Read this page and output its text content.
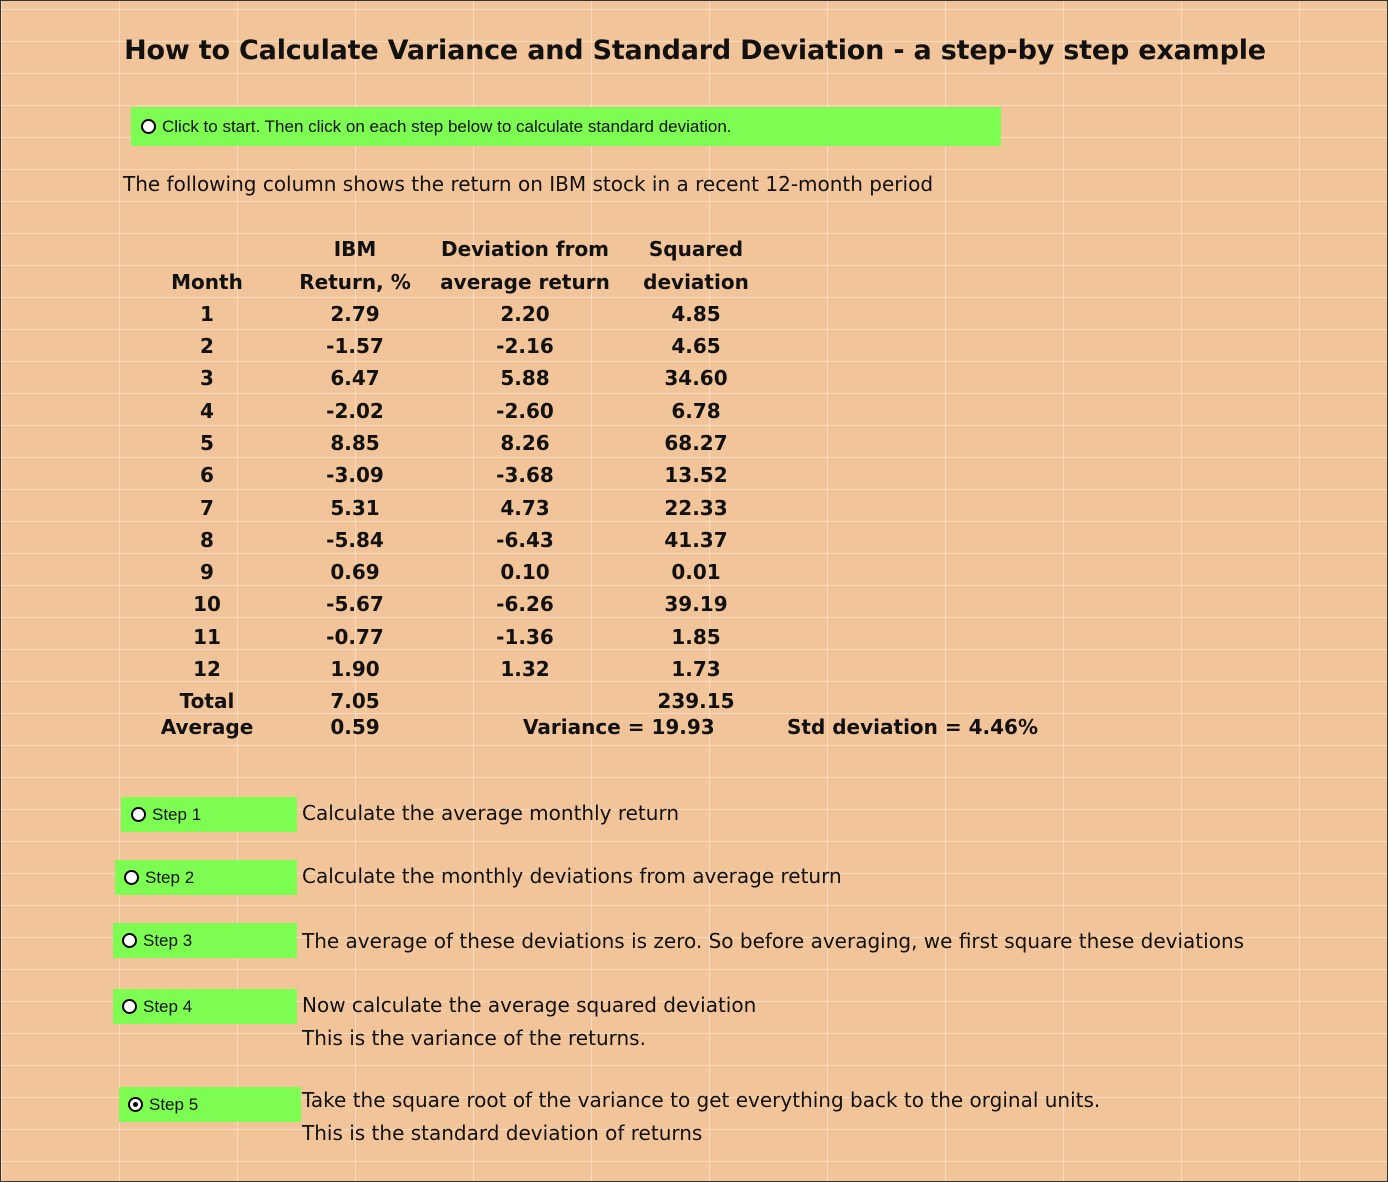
How to Calculate Variance and Standard Deviation - a step-by step example
Click to start. Then click on each step below to calculate standard deviation.
The following column shows the return on IBM stock in a recent 12-month period
	IBM	Deviation from	Squared
Month	Return, %	average return	deviation
1	2.79	2.20	4.85
2	-1.57	-2.16	4.65
3	6.47	5.88	34.60
4	-2.02	-2.60	6.78
5	8.85	8.26	68.27
6	-3.09	-3.68	13.52
7	5.31	4.73	22.33
8	-5.84	-6.43	41.37
9	0.69	0.10	0.01
10	-5.67	-6.26	39.19
11	-0.77	-1.36	1.85
12	1.90	1.32	1.73
Total	7.05		239.15
Average	0.59	Variance = 19.93	Std deviation = 4.46%
Step 1	Calculate the average monthly return
Step 2	Calculate the monthly deviations from average return
Step 3	The average of these deviations is zero. So before averaging, we first square these deviations
Step 4	Now calculate the average squared deviation
This is the variance of the returns.
Step 5	Take the square root of the variance to get everything back to the orginal units.
This is the standard deviation of returns
